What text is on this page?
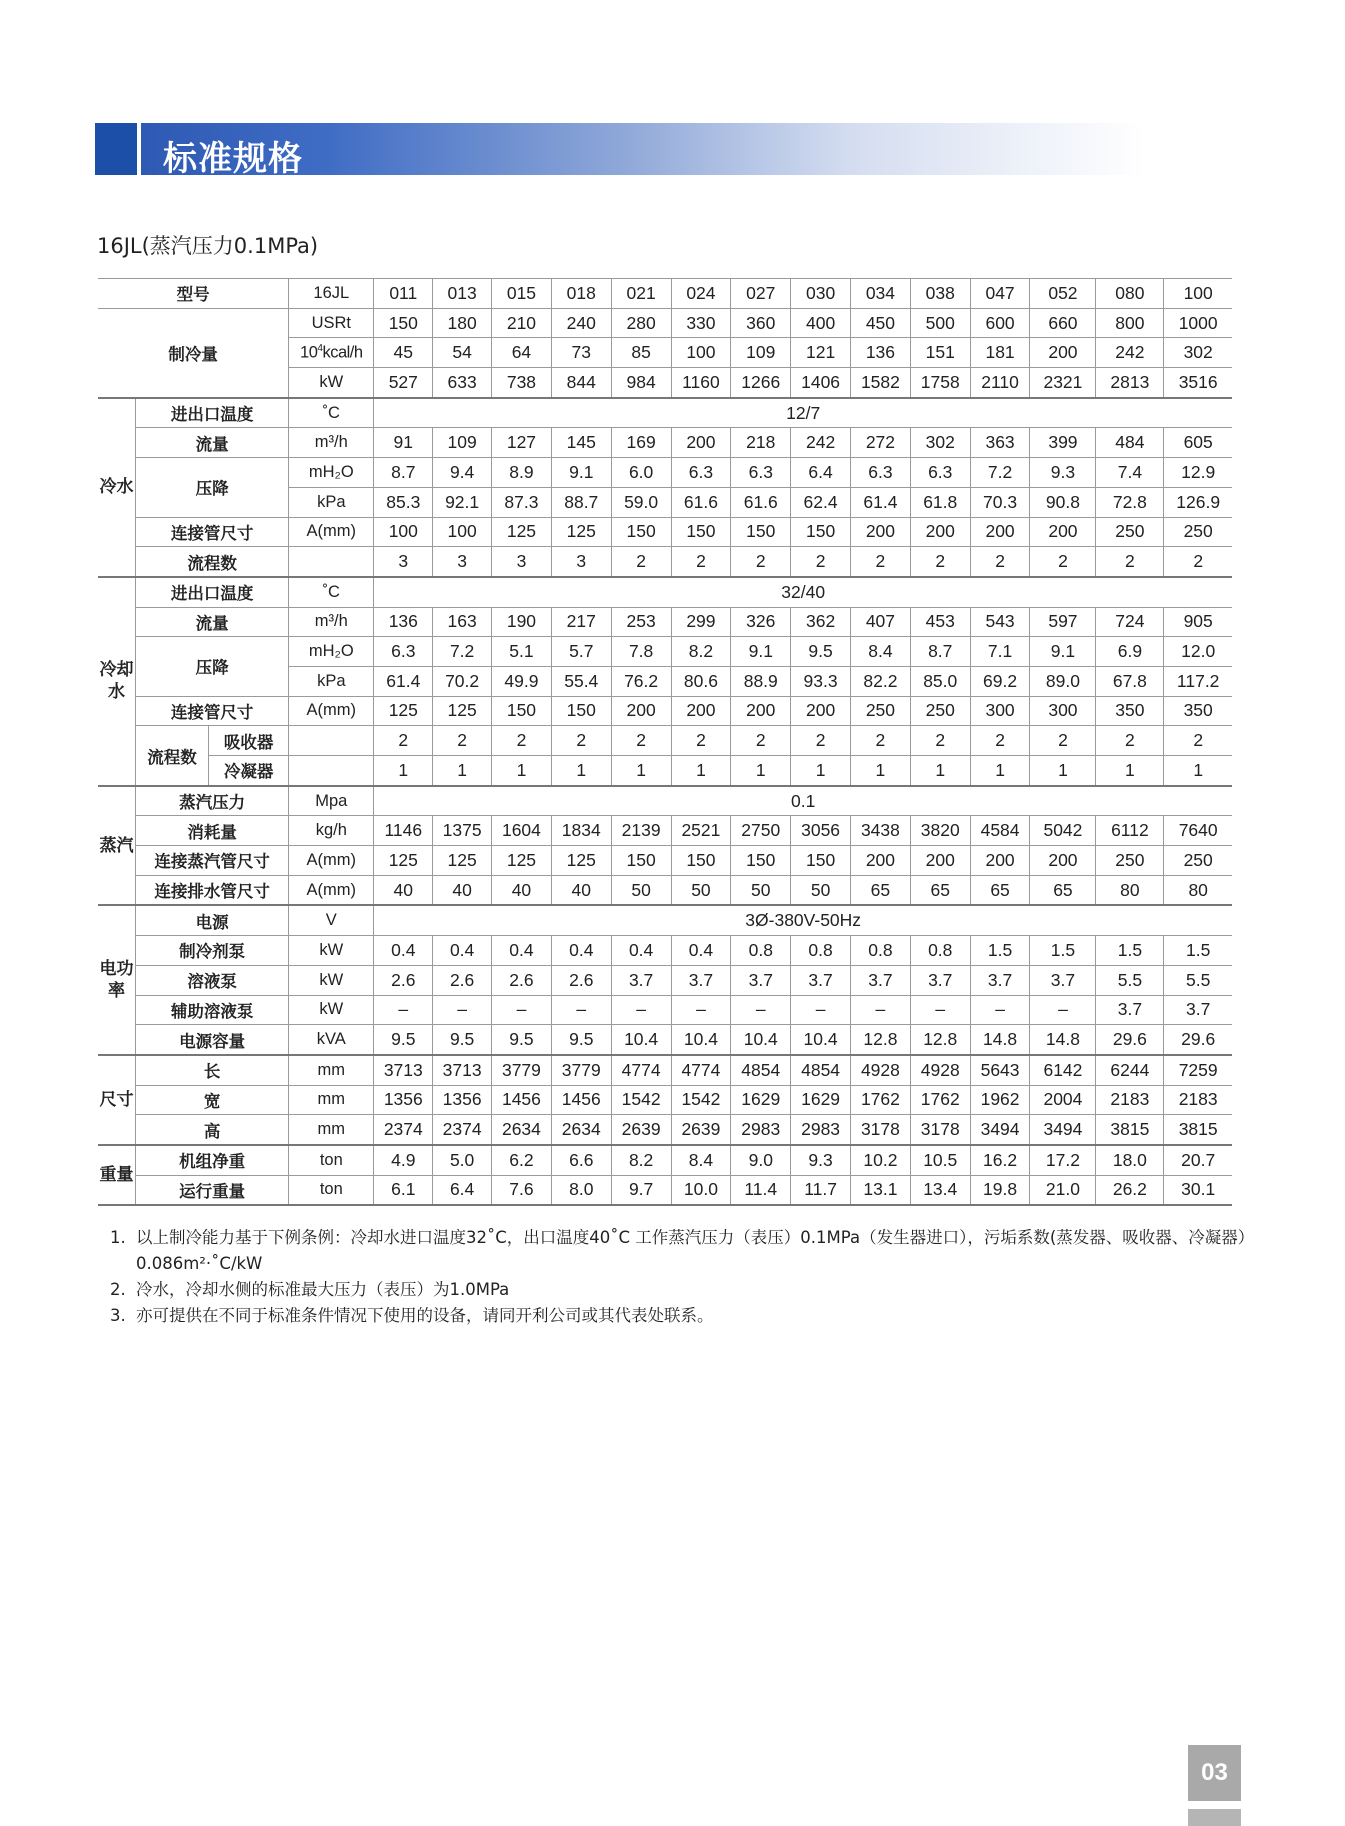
标准规格
16JL(蒸汽压力0.1MPa)
型号			16JL	011	013	015	018	021	024	027	030	034	038	047	052	080	100
制冷量			USRt	150	180	210	240	280	330	360	400	450	500	600	660	800	1000
			$10^4kcal/h$	45	54	64	73	85	100	109	121	136	151	181	200	242	302
			kW	527	633	738	844	984	1160	1266	1406	1582	1758	2110	2321	2813	3516
冷水	进出口温度		˚C	12/7													
	流量		m³/h	91	109	127	145	169	200	218	242	272	302	363	399	484	605
	压降		mH₂O	8.7	9.4	8.9	9.1	6.0	6.3	6.3	6.4	6.3	6.3	7.2	9.3	7.4	12.9
			kPa	85.3	92.1	87.3	88.7	59.0	61.6	61.6	62.4	61.4	61.8	70.3	90.8	72.8	126.9
	连接管尺寸		A(mm)	100	100	125	125	150	150	150	150	200	200	200	200	250	250
	流程数			3	3	3	3	2	2	2	2	2	2	2	2	2	2
冷却水	进出口温度		˚C	32/40													
	流量		m³/h	136	163	190	217	253	299	326	362	407	453	543	597	724	905
	压降		mH₂O	6.3	7.2	5.1	5.7	7.8	8.2	9.1	9.5	8.4	8.7	7.1	9.1	6.9	12.0
			kPa	61.4	70.2	49.9	55.4	76.2	80.6	88.9	93.3	82.2	85.0	69.2	89.0	67.8	117.2
	连接管尺寸		A(mm)	125	125	150	150	200	200	200	200	250	250	300	300	350	350
	流程数	吸收器		2	2	2	2	2	2	2	2	2	2	2	2	2	2
		冷凝器		1	1	1	1	1	1	1	1	1	1	1	1	1	1
蒸汽	蒸汽压力		Mpa	0.1													
	消耗量		kg/h	1146	1375	1604	1834	2139	2521	2750	3056	3438	3820	4584	5042	6112	7640
	连接蒸汽管尺寸		A(mm)	125	125	125	125	150	150	150	150	200	200	200	200	250	250
	连接排水管尺寸		A(mm)	40	40	40	40	50	50	50	50	65	65	65	65	80	80
电功率	电源		V	3Ø-380V-50Hz													
	制冷剂泵		kW	0.4	0.4	0.4	0.4	0.4	0.4	0.8	0.8	0.8	0.8	1.5	1.5	1.5	1.5
	溶液泵		kW	2.6	2.6	2.6	2.6	3.7	3.7	3.7	3.7	3.7	3.7	3.7	3.7	5.5	5.5
	辅助溶液泵		kW	–	–	–	–	–	–	–	–	–	–	–	–	3.7	3.7
	电源容量		kVA	9.5	9.5	9.5	9.5	10.4	10.4	10.4	10.4	12.8	12.8	14.8	14.8	29.6	29.6
尺寸	长		mm	3713	3713	3779	3779	4774	4774	4854	4854	4928	4928	5643	6142	6244	7259
	宽		mm	1356	1356	1456	1456	1542	1542	1629	1629	1762	1762	1962	2004	2183	2183
	高		mm	2374	2374	2634	2634	2639	2639	2983	2983	3178	3178	3494	3494	3815	3815
重量	机组净重		ton	4.9	5.0	6.2	6.6	8.2	8.4	9.0	9.3	10.2	10.5	16.2	17.2	18.0	20.7
	运行重量		ton	6.1	6.4	7.6	8.0	9.7	10.0	11.4	11.7	13.1	13.4	19.8	21.0	26.2	30.1
1. 以上制冷能力基于下例条例：冷却水进口温度32˚C，出口温度40˚C 工作蒸汽压力（表压）0.1MPa（发生器进口），污垢系数(蒸发器、吸收器、冷凝器）0.086m²·˚C/kW
2. 冷水，冷却水侧的标准最大压力（表压）为1.0MPa
3. 亦可提供在不同于标准条件情况下使用的设备，请同开利公司或其代表处联系。
03
